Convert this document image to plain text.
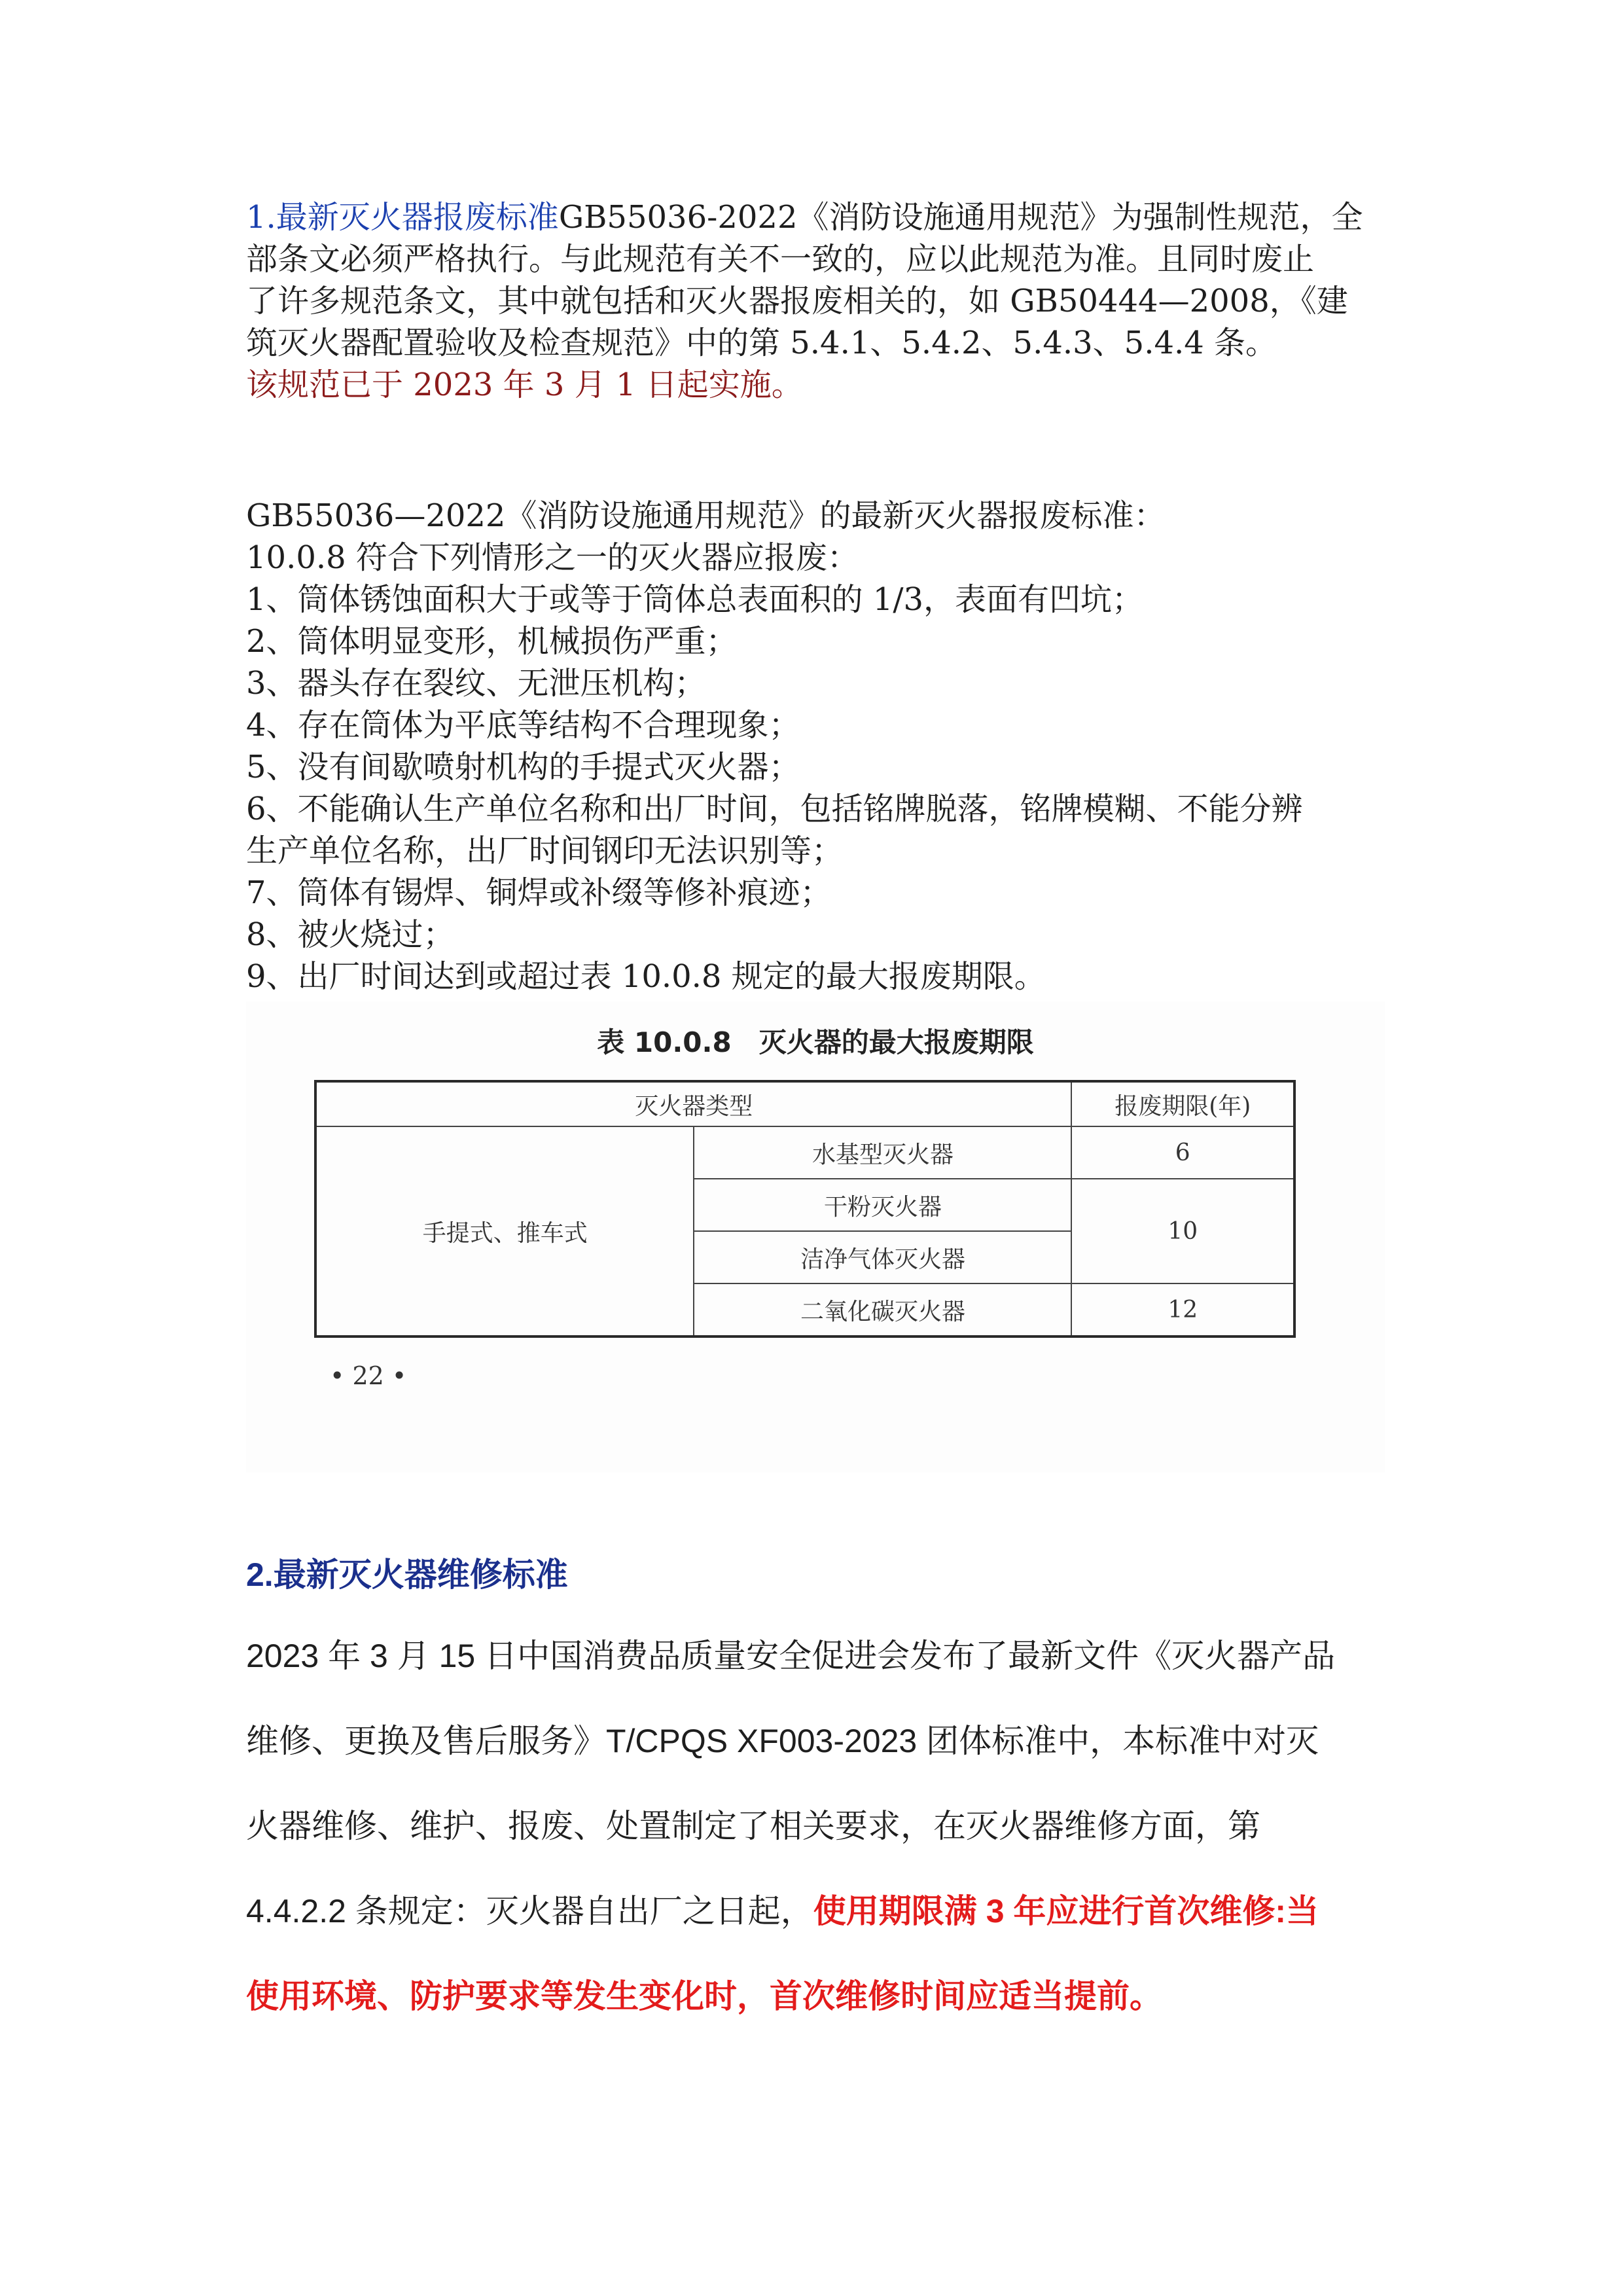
1.最新灭火器报废标准GB55036-2022《消防设施通用规范》为强制性规范，全
部条文必须严格执行。与此规范有关不一致的，应以此规范为准。且同时废止
了许多规范条文，其中就包括和灭火器报废相关的，如 GB50444—2008，《建
筑灭火器配置验收及检查规范》中的第 5.4.1、5.4.2、5.4.3、5.4.4 条。
该规范已于 2023 年 3 月 1 日起实施。
GB55036—2022《消防设施通用规范》的最新灭火器报废标准：
10.0.8 符合下列情形之一的灭火器应报废：
1、筒体锈蚀面积大于或等于筒体总表面积的 1/3，表面有凹坑；
2、筒体明显变形，机械损伤严重；
3、器头存在裂纹、无泄压机构；
4、存在筒体为平底等结构不合理现象；
5、没有间歇喷射机构的手提式灭火器；
6、不能确认生产单位名称和出厂时间，包括铭牌脱落，铭牌模糊、不能分辨
生产单位名称，出厂时间钢印无法识别等；
7、筒体有锡焊、铜焊或补缀等修补痕迹；
8、被火烧过；
9、出厂时间达到或超过表 10.0.8 规定的最大报废期限。
表 10.0.8　灭火器的最大报废期限
灭火器类型		报废期限(年)
手提式、推车式	水基型灭火器	6
	干粉灭火器	10
	洁净气体灭火器	
	二氧化碳灭火器	12
• 22 •
2.最新灭火器维修标准
2023 年 3 月 15 日中国消费品质量安全促进会发布了最新文件《灭火器产品
维修、更换及售后服务》T/CPQS XF003-2023 团体标准中，本标准中对灭
火器维修、维护、报废、处置制定了相关要求，在灭火器维修方面，第
4.4.2.2 条规定：灭火器自出厂之日起，使用期限满 3 年应进行首次维修:当
使用环境、防护要求等发生变化时，首次维修时间应适当提前。
